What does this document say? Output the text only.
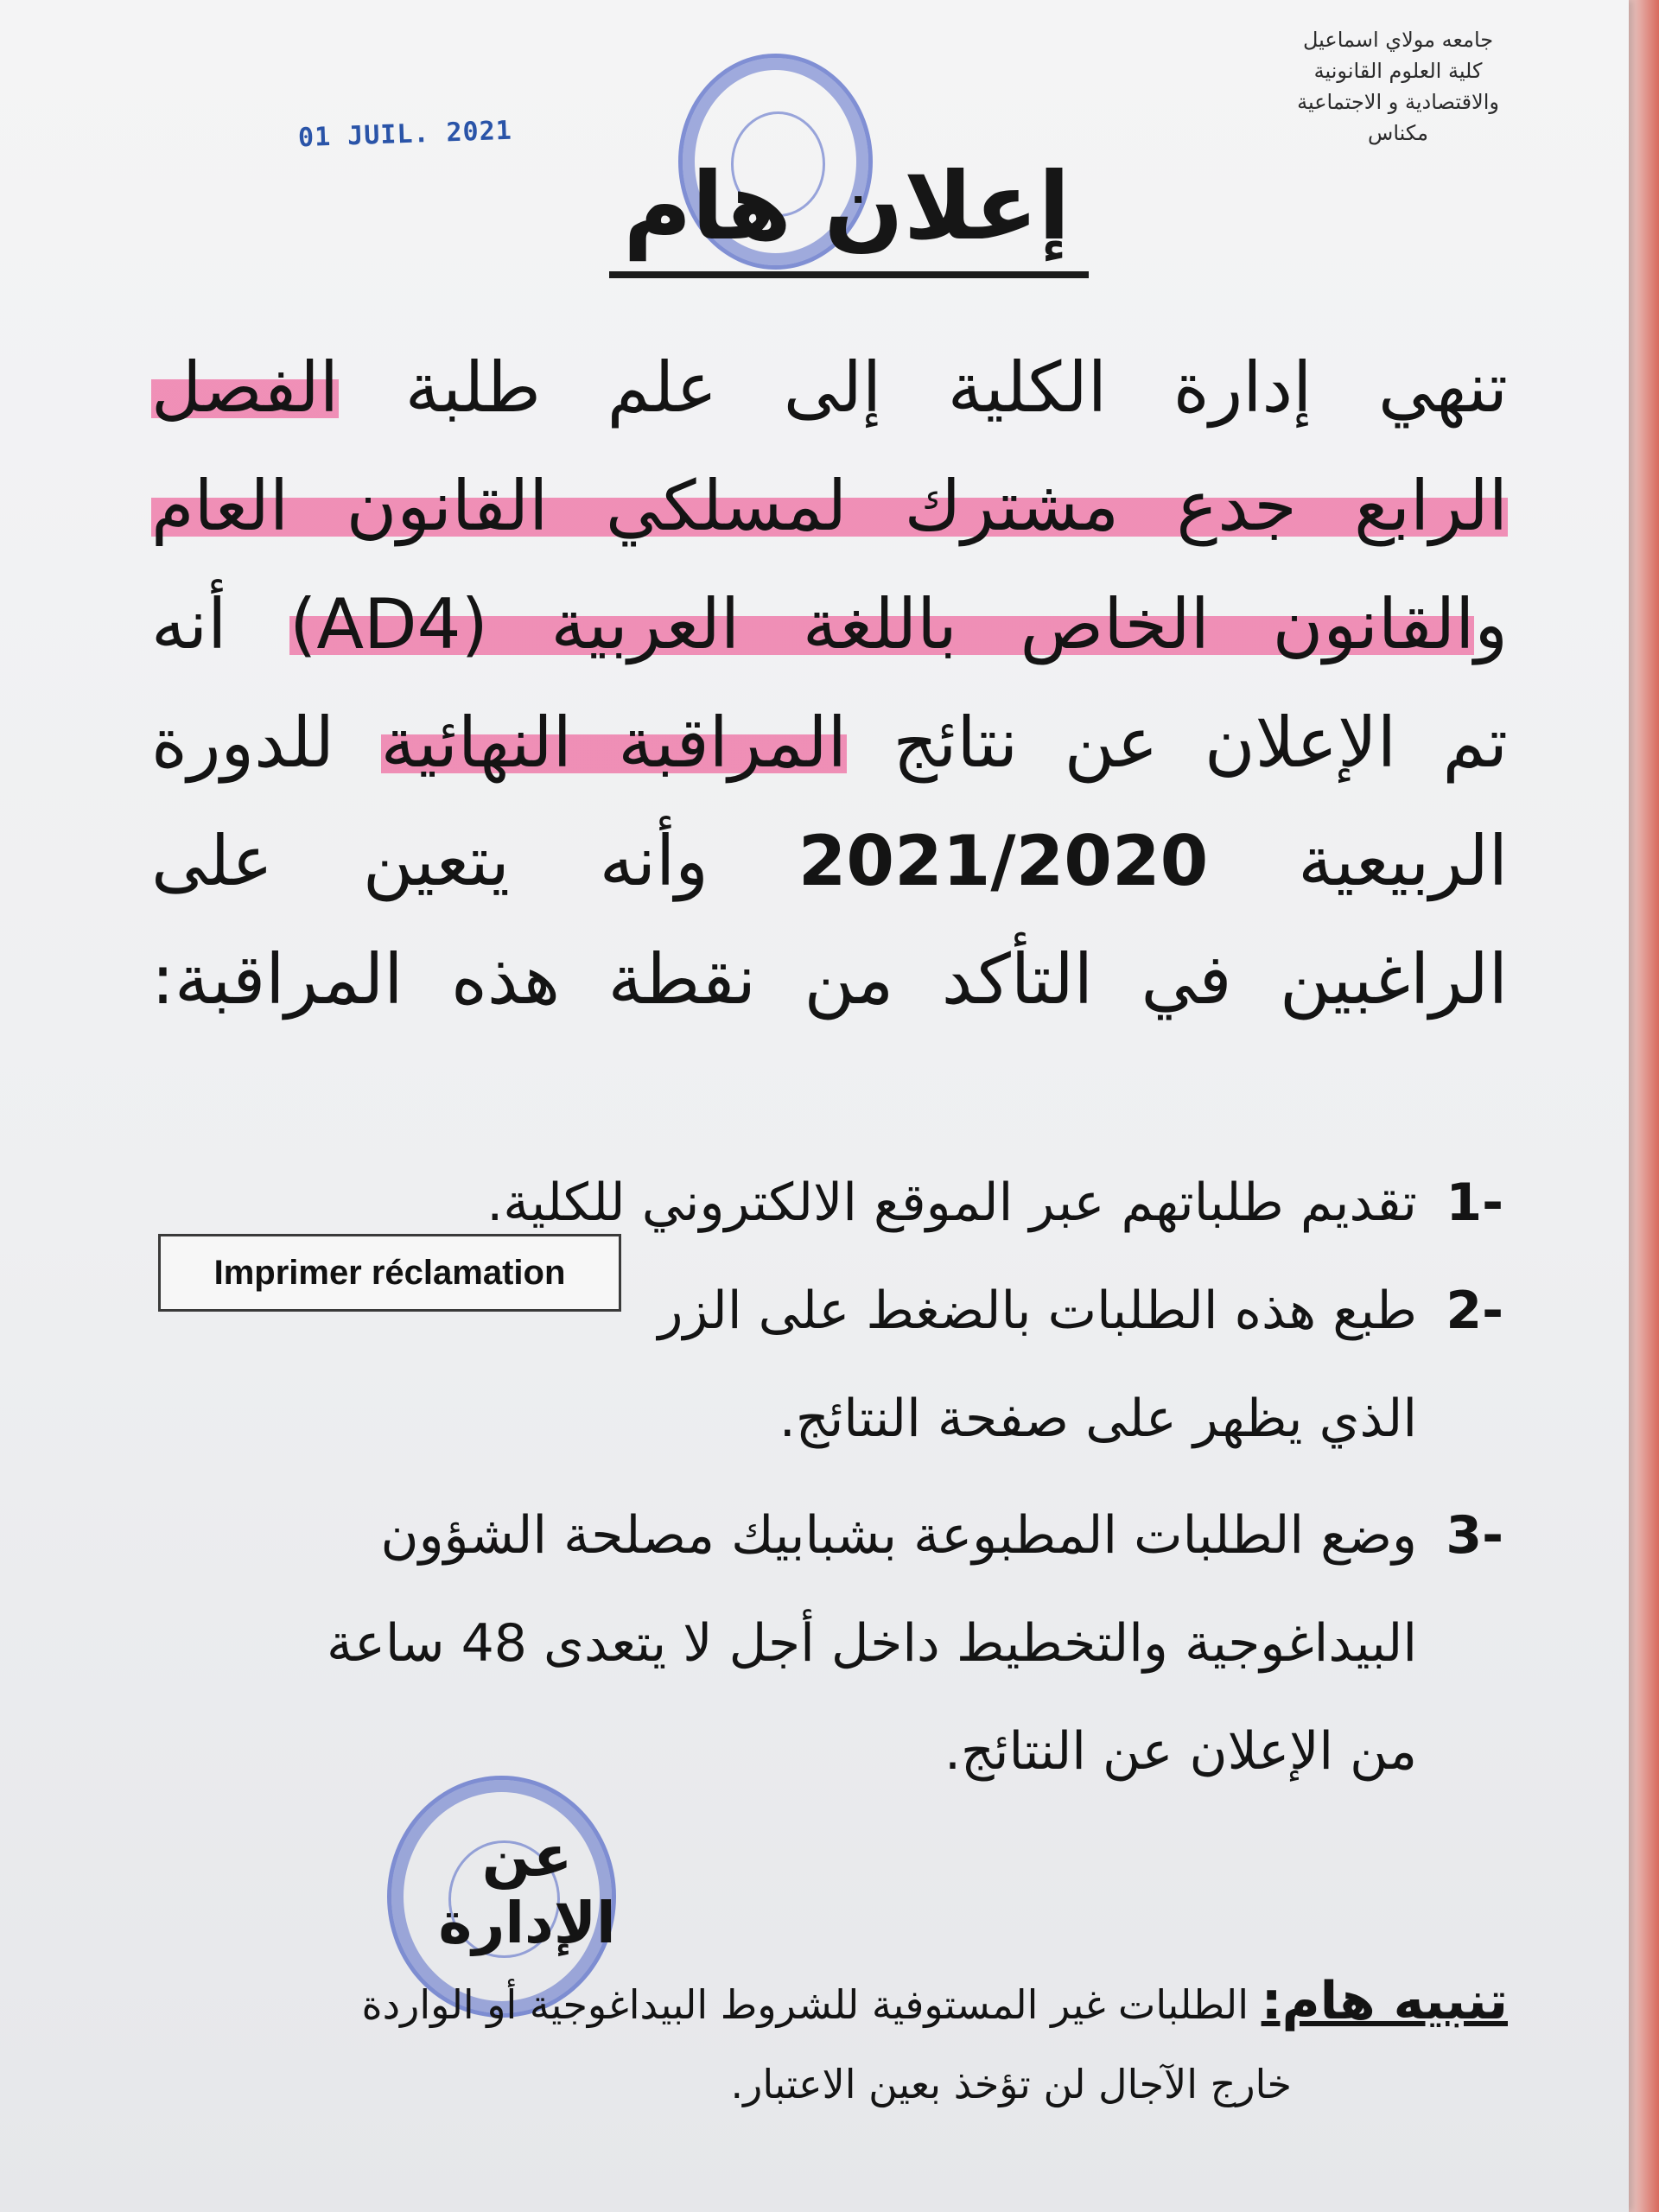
جامعه مولاي اسماعيل
كلية العلوم القانونية
والاقتصادية و الاجتماعية
مكناس
01 JUIL. 2021
إعلان هام
تنهي إدارة الكلية إلى علم طلبة الفصل
الرابع جدع مشترك لمسلكي القانون العام
والقانون الخاص باللغة العربية (AD4) أنه
تم الإعلان عن نتائج المراقبة النهائية للدورة
الربيعية 2021/2020 وأنه يتعين على
الراغبين في التأكد من نقطة هذه المراقبة:
-1
تقديم طلباتهم عبر الموقع الالكتروني للكلية.
-2
طبع هذه الطلبات بالضغط على الزر
الذي يظهر على صفحة النتائج.
-3
وضع الطلبات المطبوعة بشبابيك مصلحة الشؤون
البيداغوجية والتخطيط داخل أجل لا يتعدى 48 ساعة
من الإعلان عن النتائج.
Imprimer réclamation
عن الإدارة
تنبيه هام: الطلبات غير المستوفية للشروط البيداغوجية أو الواردة
خارج الآجال لن تؤخذ بعين الاعتبار.
